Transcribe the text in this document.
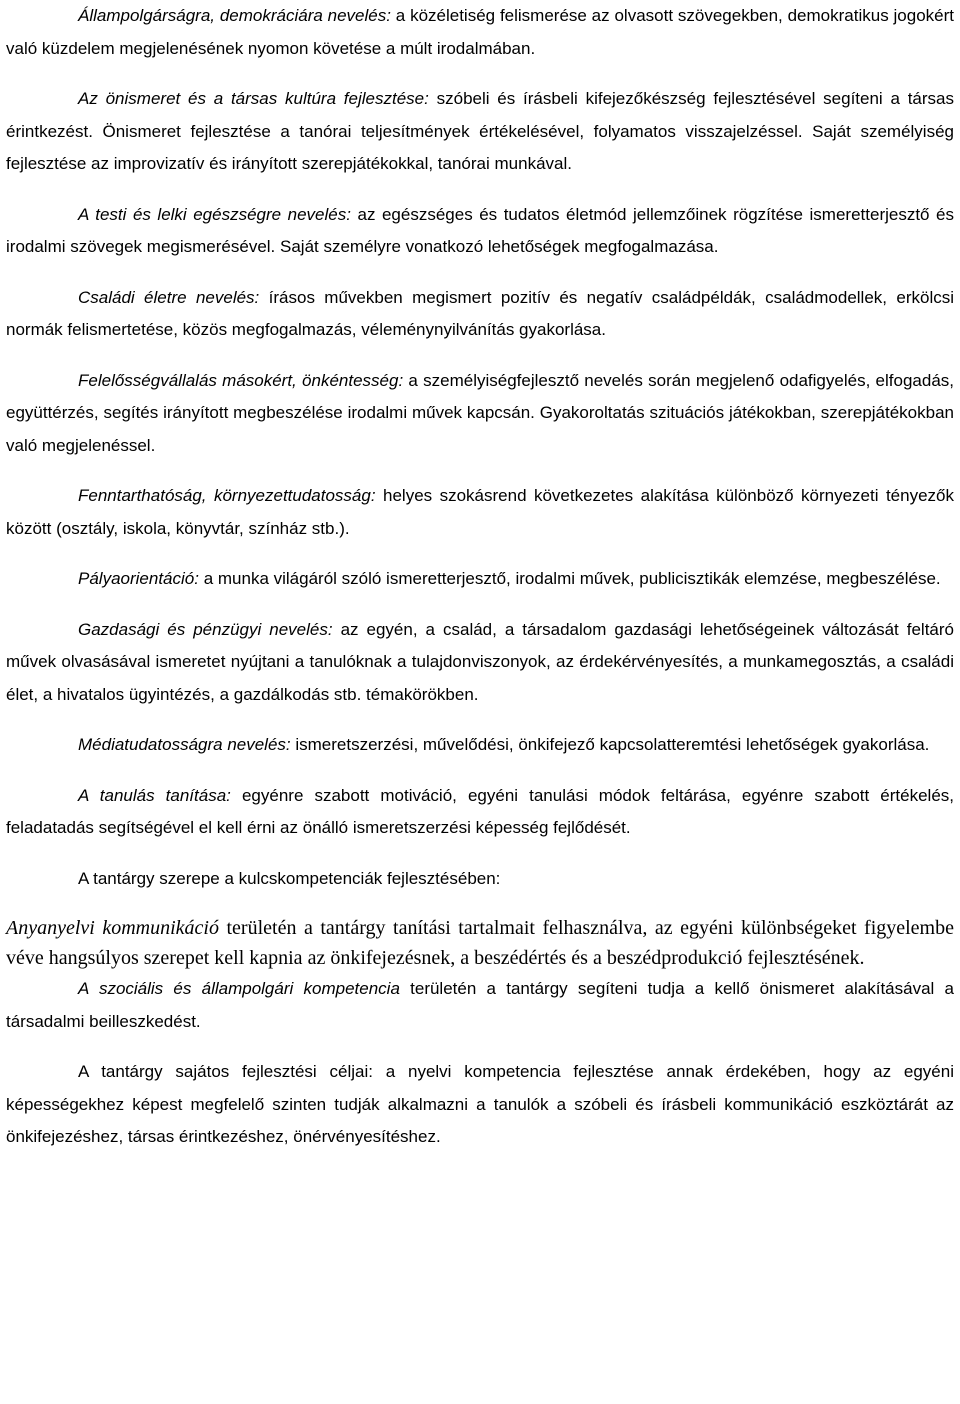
Állampolgárságra, demokráciára nevelés: a közéletiség felismerése az olvasott szövegekben, demokratikus jogokért való küzdelem megjelenésének nyomon követése a múlt irodalmában.

Az önismeret és a társas kultúra fejlesztése: szóbeli és írásbeli kifejezőkészség fejlesztésével segíteni a társas érintkezést. Önismeret fejlesztése a tanórai teljesítmények értékelésével, folyamatos visszajelzéssel. Saját személyiség fejlesztése az improvizatív és irányított szerepjátékokkal, tanórai munkával.

A testi és lelki egészségre nevelés: az egészséges és tudatos életmód jellemzőinek rögzítése ismeretterjesztő és irodalmi szövegek megismerésével. Saját személyre vonatkozó lehetőségek megfogalmazása.

Családi életre nevelés: írásos művekben megismert pozitív és negatív családpéldák, családmodellek, erkölcsi normák felismertetése, közös megfogalmazás, véleménynyilvánítás gyakorlása.

Felelősségvállalás másokért, önkéntesség: a személyiségfejlesztő nevelés során megjelenő odafigyelés, elfogadás, együttérzés, segítés irányított megbeszélése irodalmi művek kapcsán. Gyakoroltatás szituációs játékokban, szerepjátékokban való megjelenéssel.

Fenntarthatóság, környezettudatosság: helyes szokásrend következetes alakítása különböző környezeti tényezők között (osztály, iskola, könyvtár, színház stb.).

Pályaorientáció: a munka világáról szóló ismeretterjesztő, irodalmi művek, publicisztikák elemzése, megbeszélése.

Gazdasági és pénzügyi nevelés: az egyén, a család, a társadalom gazdasági lehetőségeinek változását feltáró művek olvasásával ismeretet nyújtani a tanulóknak a tulajdonviszonyok, az érdekérvényesítés, a munkamegosztás, a családi élet, a hivatalos ügyintézés, a gazdálkodás stb. témakörökben.

Médiatudatosságra nevelés: ismeretszerzési, művelődési, önkifejező kapcsolatteremtési lehetőségek gyakorlása.

A tanulás tanítása: egyénre szabott motiváció, egyéni tanulási módok feltárása, egyénre szabott értékelés, feladatadás segítségével el kell érni az önálló ismeretszerzési képesség fejlődését.

A tantárgy szerepe a kulcskompetenciák fejlesztésében:

Anyanyelvi kommunikáció területén a tantárgy tanítási tartalmait felhasználva, az egyéni különbségeket figyelembe véve hangsúlyos szerepet kell kapnia az önkifejezésnek, a beszédértés és a beszédprodukció fejlesztésének.

A szociális és állampolgári kompetencia területén a tantárgy segíteni tudja a kellő önismeret alakításával a társadalmi beilleszkedést.

A tantárgy sajátos fejlesztési céljai: a nyelvi kompetencia fejlesztése annak érdekében, hogy az egyéni képességekhez képest megfelelő szinten tudják alkalmazni a tanulók a szóbeli és írásbeli kommunikáció eszköztárát az önkifejezéshez, társas érintkezéshez, önérvényesítéshez.
